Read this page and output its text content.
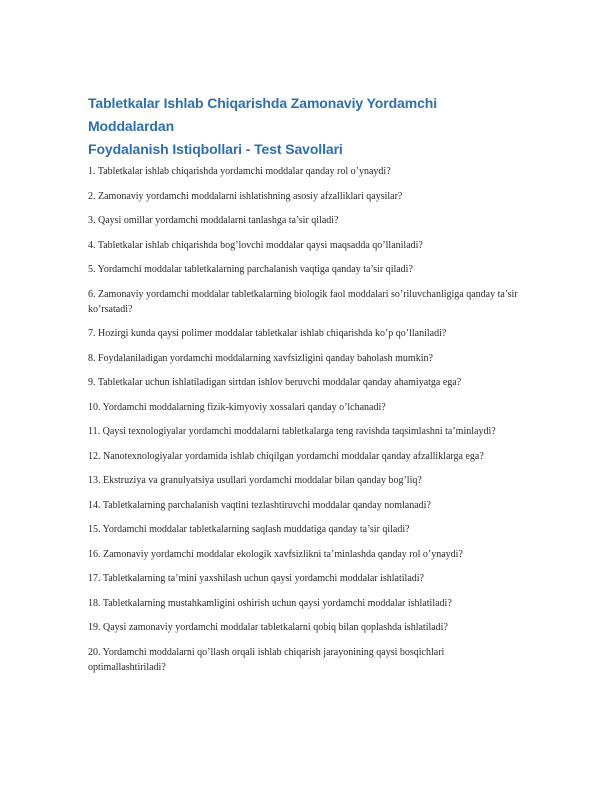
Tabletkalar Ishlab Chiqarishda Zamonaviy Yordamchi Moddalardan
Foydalanish Istiqbollari - Test Savollari

1. Tabletkalar ishlab chiqarishda yordamchi moddalar qanday rol o’ynaydi?

2. Zamonaviy yordamchi moddalarni ishlatishning asosiy afzalliklari qaysilar?

3. Qaysi omillar yordamchi moddalarni tanlashga ta’sir qiladi?

4. Tabletkalar ishlab chiqarishda bog’lovchi moddalar qaysi maqsadda qo’llaniladi?

5. Yordamchi moddalar tabletkalarning parchalanish vaqtiga qanday ta’sir qiladi?

6. Zamonaviy yordamchi moddalar tabletkalarning biologik faol moddalari so’riluvchanligiga qanday ta’sir ko’rsatadi?

7. Hozirgi kunda qaysi polimer moddalar tabletkalar ishlab chiqarishda ko’p qo’llaniladi?

8. Foydalaniladigan yordamchi moddalarning xavfsizligini qanday baholash mumkin?

9. Tabletkalar uchun ishlatiladigan sirtdan ishlov beruvchi moddalar qanday ahamiyatga ega?

10. Yordamchi moddalarning fizik-kimyoviy xossalari qanday o’lchanadi?

11. Qaysi texnologiyalar yordamchi moddalarni tabletkalarga teng ravishda taqsimlashni ta’minlaydi?

12. Nanotexnologiyalar yordamida ishlab chiqilgan yordamchi moddalar qanday afzalliklarga ega?

13. Ekstruziya va granulyatsiya usullari yordamchi moddalar bilan qanday bog’liq?

14. Tabletkalarning parchalanish vaqtini tezlashtiruvchi moddalar qanday nomlanadi?

15. Yordamchi moddalar tabletkalarning saqlash muddatiga qanday ta’sir qiladi?

16. Zamonaviy yordamchi moddalar ekologik xavfsizlikni ta’minlashda qanday rol o’ynaydi?

17. Tabletkalarning ta’mini yaxshilash uchun qaysi yordamchi moddalar ishlatiladi?

18. Tabletkalarning mustahkamligini oshirish uchun qaysi yordamchi moddalar ishlatiladi?

19. Qaysi zamonaviy yordamchi moddalar tabletkalarni qobiq bilan qoplashda ishlatiladi?

20. Yordamchi moddalarni qo’llash orqali ishlab chiqarish jarayonining qaysi bosqichlari optimallashtiriladi?
